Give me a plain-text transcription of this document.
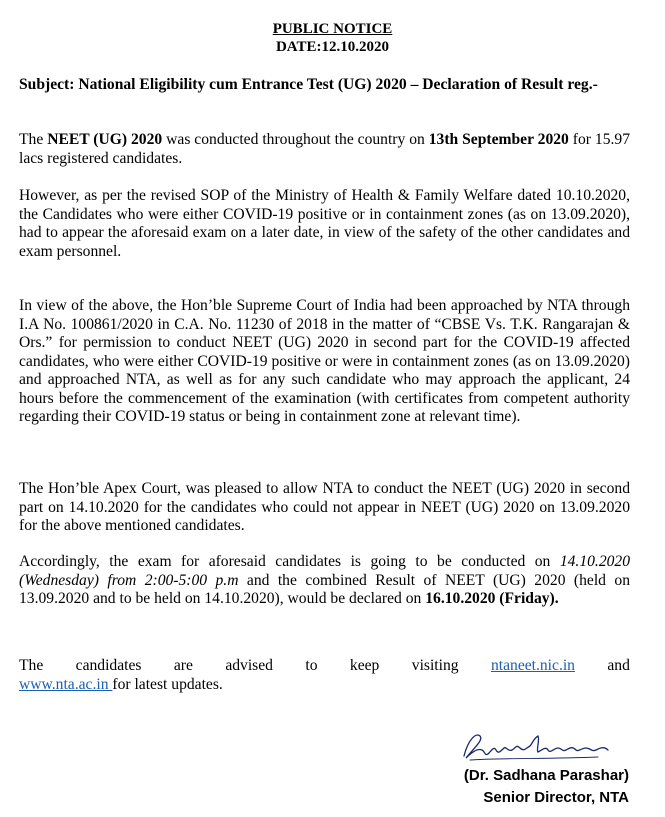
PUBLIC NOTICE
DATE:12.10.2020
Subject: National Eligibility cum Entrance Test (UG) 2020 – Declaration of Result reg.-
The NEET (UG) 2020 was conducted throughout the country on 13th September 2020 for 15.97 lacs registered candidates.
However, as per the revised SOP of the Ministry of Health & Family Welfare dated 10.10.2020, the Candidates who were either COVID-19 positive or in containment zones (as on 13.09.2020), had to appear the aforesaid exam on a later date, in view of the safety of the other candidates and exam personnel.
In view of the above, the Hon’ble Supreme Court of India had been approached by NTA through I.A No. 100861/2020 in C.A. No. 11230 of 2018 in the matter of “CBSE Vs. T.K. Rangarajan & Ors.” for permission to conduct NEET (UG) 2020 in second part for the COVID-19 affected candidates, who were either COVID-19 positive or were in containment zones (as on 13.09.2020) and approached NTA, as well as for any such candidate who may approach the applicant, 24 hours before the commencement of the examination (with certificates from competent authority regarding their COVID-19 status or being in containment zone at relevant time).
The Hon’ble Apex Court, was pleased to allow NTA to conduct the NEET (UG) 2020 in second part on 14.10.2020 for the candidates who could not appear in NEET (UG) 2020 on 13.09.2020 for the above mentioned candidates.
Accordingly, the exam for aforesaid candidates is going to be conducted on 14.10.2020 (Wednesday) from 2:00-5:00 p.m and the combined Result of NEET (UG) 2020 (held on 13.09.2020 and to be held on 14.10.2020), would be declared on 16.10.2020 (Friday).
The candidates are advised to keep visiting ntaneet.nic.in and
www.nta.ac.in for latest updates.
(Dr. Sadhana Parashar)
Senior Director, NTA
